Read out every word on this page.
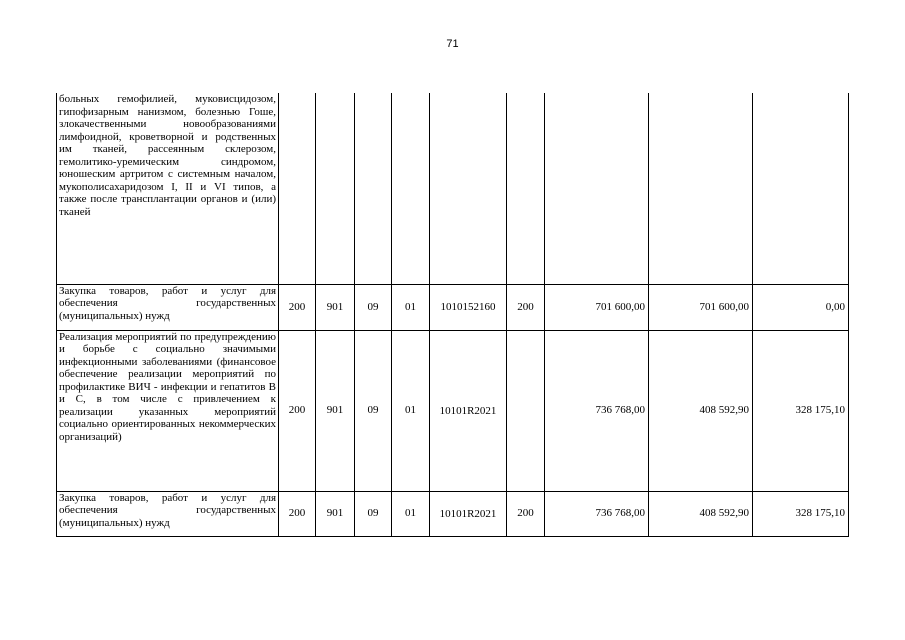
71
больных гемофилией, муковисцидозом, гипофизарным нанизмом, болезнью Гоше, злокачественными новообразованиями лимфоидной, кроветворной и родственных им тканей, рассеянным склерозом, гемолитико-уремическим синдромом, юношеским артритом с системным началом, мукополисахаридозом I, II и VI типов, а также после трансплантации органов и (или) тканей									
Закупка товаров, работ и услуг для обеспечения государственных (муниципальных) нужд	200	901	09	01	1010152160	200	701 600,00	701 600,00	0,00
Реализация мероприятий по предупреждению и борьбе с социально значимыми инфекционными заболеваниями (финансовое обеспечение реализации мероприятий по профилактике ВИЧ - инфекции и гепатитов В и С, в том числе с привлечением к реализации указанных мероприятий социально ориентированных некоммерческих организаций)	200	901	09	01	10101R2021		736 768,00	408 592,90	328 175,10
Закупка товаров, работ и услуг для обеспечения государственных (муниципальных) нужд	200	901	09	01	10101R2021	200	736 768,00	408 592,90	328 175,10
